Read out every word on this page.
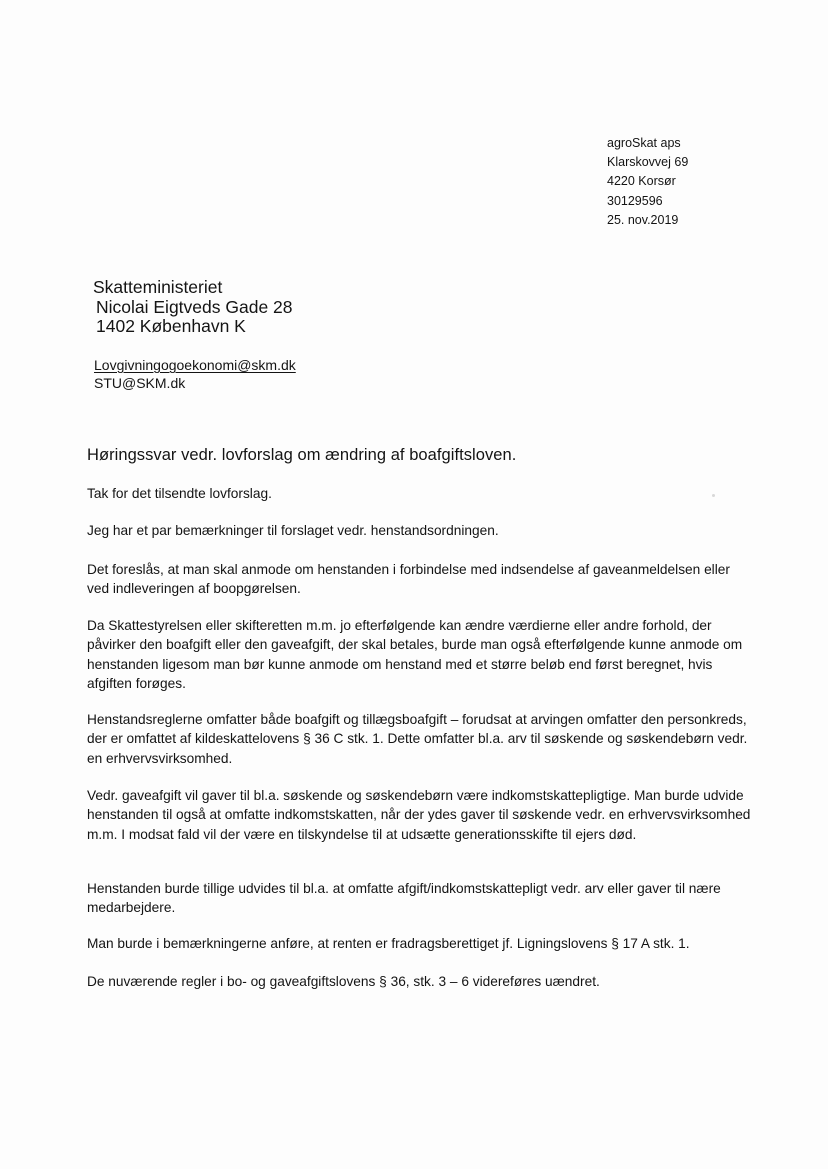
agroSkat aps
Klarskovvej 69
4220 Korsør
30129596
25. nov.2019
Skatteministeriet
Nicolai Eigtveds Gade 28
1402 København K
Lovgivningogoekonomi@skm.dk
STU@SKM.dk
Høringssvar vedr. lovforslag om ændring af boafgiftsloven.

Tak for det tilsendte lovforslag.

Jeg har et par bemærkninger til forslaget vedr. henstandsordningen.

Det foreslås, at man skal anmode om henstanden i forbindelse med indsendelse af gaveanmeldelsen eller ved indleveringen af boopgørelsen.

Da Skattestyrelsen eller skifteretten m.m. jo efterfølgende kan ændre værdierne eller andre forhold, der påvirker den boafgift eller den gaveafgift, der skal betales, burde man også efterfølgende kunne anmode om henstanden ligesom man bør kunne anmode om henstand med et større beløb end først beregnet, hvis afgiften forøges.

Henstandsreglerne omfatter både boafgift og tillægsboafgift – forudsat at arvingen omfatter den personkreds, der er omfattet af kildeskattelovens § 36 C stk. 1. Dette omfatter bl.a. arv til søskende og søskendebørn vedr. en erhvervsvirksomhed.

Vedr. gaveafgift vil gaver til bl.a. søskende og søskendebørn være indkomstskattepligtige. Man burde udvide henstanden til også at omfatte indkomstskatten, når der ydes gaver til søskende vedr. en erhvervsvirksomhed m.m. I modsat fald vil der være en tilskyndelse til at udsætte generationsskifte til ejers død.

Henstanden burde tillige udvides til bl.a. at omfatte afgift/indkomstskattepligt vedr. arv eller gaver til nære medarbejdere.

Man burde i bemærkningerne anføre, at renten er fradragsberettiget jf. Ligningslovens § 17 A stk. 1.

De nuværende regler i bo- og gaveafgiftslovens § 36, stk. 3 – 6 videreføres uændret.
